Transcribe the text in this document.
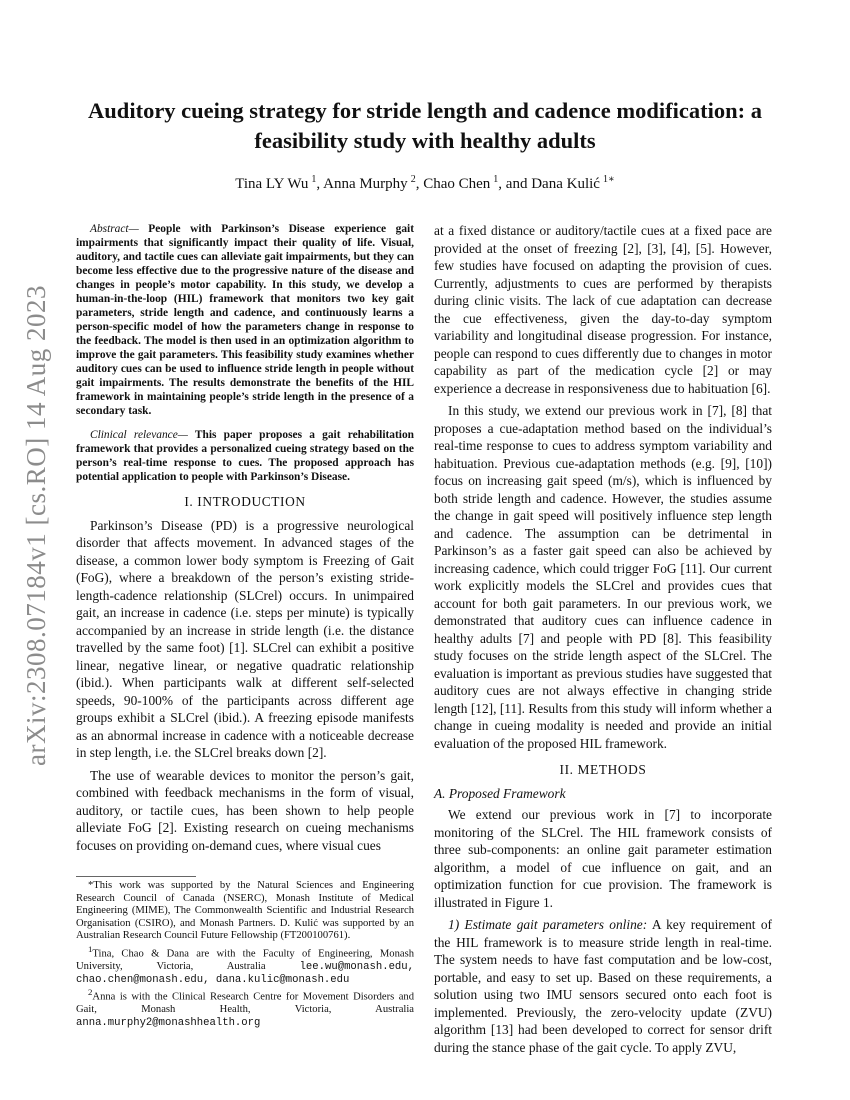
arXiv:2308.07184v1 [cs.RO] 14 Aug 2023
Auditory cueing strategy for stride length and cadence modification: a
feasibility study with healthy adults
Tina LY Wu  $^1$, Anna Murphy  $^2$, Chao Chen  $^1$, and Dana Kulić  $^{1∗}$

Abstract— People with Parkinson’s Disease experience gait impairments that significantly impact their quality of life. Visual, auditory, and tactile cues can alleviate gait impairments, but they can become less effective due to the progressive nature of the disease and changes in people’s motor capability. In this study, we develop a human-in-the-loop (HIL) framework that monitors two key gait parameters, stride length and cadence, and continuously learns a person-specific model of how the parameters change in response to the feedback. The model is then used in an optimization algorithm to improve the gait parameters. This feasibility study examines whether auditory cues can be used to influence stride length in people without gait impairments. The results demonstrate the benefits of the HIL framework in maintaining people’s stride length in the presence of a secondary task.

Clinical relevance— This paper proposes a gait rehabilitation framework that provides a personalized cueing strategy based on the person’s real-time response to cues. The proposed approach has potential application to people with Parkinson’s Disease.

I. INTRODUCTION

Parkinson’s Disease (PD) is a progressive neurological disorder that affects movement. In advanced stages of the disease, a common lower body symptom is Freezing of Gait (FoG), where a breakdown of the person’s existing stride-length-cadence relationship (SLCrel) occurs. In unimpaired gait, an increase in cadence (i.e. steps per minute) is typically accompanied by an increase in stride length (i.e. the distance travelled by the same foot) [1]. SLCrel can exhibit a positive linear, negative linear, or negative quadratic relationship (ibid.). When participants walk at different self-selected speeds, 90-100% of the participants across different age groups exhibit a SLCrel (ibid.). A freezing episode manifests as an abnormal increase in cadence with a noticeable decrease in step length, i.e. the SLCrel breaks down [2].

The use of wearable devices to monitor the person’s gait, combined with feedback mechanisms in the form of visual, auditory, or tactile cues, has been shown to help people alleviate FoG [2]. Existing research on cueing mechanisms focuses on providing on-demand cues, where visual cues

*This work was supported by the Natural Sciences and Engineering Research Council of Canada (NSERC), Monash Institute of Medical Engineering (MIME), The Commonwealth Scientific and Industrial Research Organisation (CSIRO), and Monash Partners. D. Kulić was supported by an Australian Research Council Future Fellowship (FT200100761).

$^1$Tina, Chao & Dana are with the Faculty of Engineering, Monash University, Victoria, Australia lee.wu@monash.edu, chao.chen@monash.edu, dana.kulic@monash.edu

$^2$Anna is with the Clinical Research Centre for Movement Disorders and Gait, Monash Health, Victoria, Australia anna.murphy2@monashhealth.org

at a fixed distance or auditory/tactile cues at a fixed pace are provided at the onset of freezing [2], [3], [4], [5]. However, few studies have focused on adapting the provision of cues. Currently, adjustments to cues are performed by therapists during clinic visits. The lack of cue adaptation can decrease the cue effectiveness, given the day-to-day symptom variability and longitudinal disease progression. For instance, people can respond to cues differently due to changes in motor capability as part of the medication cycle [2] or may experience a decrease in responsiveness due to habituation [6].

In this study, we extend our previous work in [7], [8] that proposes a cue-adaptation method based on the individual’s real-time response to cues to address symptom variability and habituation. Previous cue-adaptation methods (e.g. [9], [10]) focus on increasing gait speed (m/s), which is influenced by both stride length and cadence. However, the studies assume the change in gait speed will positively influence step length and cadence. The assumption can be detrimental in Parkinson’s as a faster gait speed can also be achieved by increasing cadence, which could trigger FoG [11]. Our current work explicitly models the SLCrel and provides cues that account for both gait parameters. In our previous work, we demonstrated that auditory cues can influence cadence in healthy adults [7] and people with PD [8]. This feasibility study focuses on the stride length aspect of the SLCrel. The evaluation is important as previous studies have suggested that auditory cues are not always effective in changing stride length [12], [11]. Results from this study will inform whether a change in cueing modality is needed and provide an initial evaluation of the proposed HIL framework.

II. METHODS
A. Proposed Framework

We extend our previous work in [7] to incorporate monitoring of the SLCrel. The HIL framework consists of three sub-components: an online gait parameter estimation algorithm, a model of cue influence on gait, and an optimization function for cue provision. The framework is illustrated in Figure 1.

1) Estimate gait parameters online: A key requirement of the HIL framework is to measure stride length in real-time. The system needs to have fast computation and be low-cost, portable, and easy to set up. Based on these requirements, a solution using two IMU sensors secured onto each foot is implemented. Previously, the zero-velocity update (ZVU) algorithm [13] had been developed to correct for sensor drift during the stance phase of the gait cycle. To apply ZVU,
